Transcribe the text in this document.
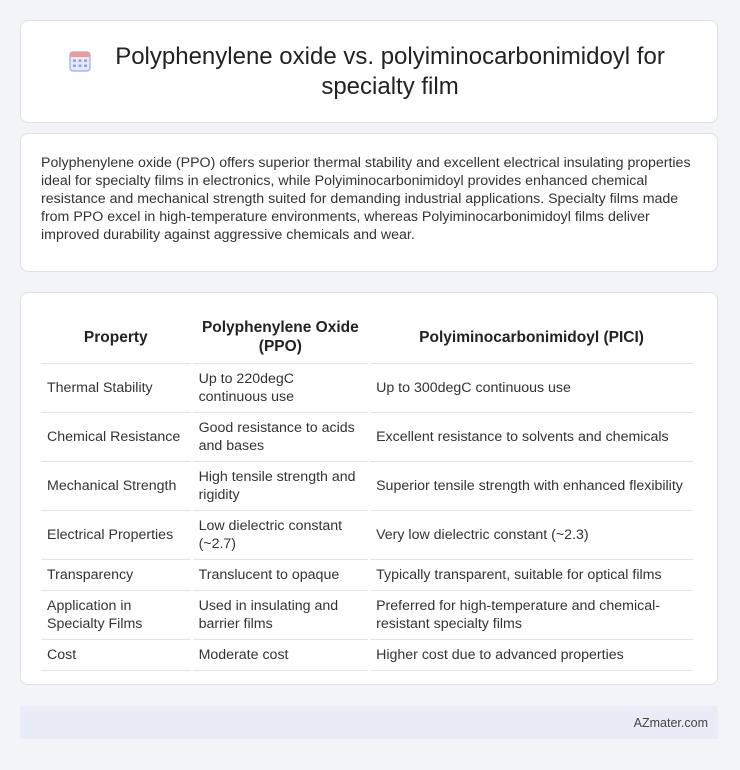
Polyphenylene oxide vs. polyiminocarbonimidoyl for specialty film

Polyphenylene oxide (PPO) offers superior thermal stability and excellent electrical insulating properties ideal for specialty films in electronics, while Polyiminocarbonimidoyl provides enhanced chemical resistance and mechanical strength suited for demanding industrial applications. Specialty films made from PPO excel in high-temperature environments, whereas Polyiminocarbonimidoyl films deliver improved durability against aggressive chemicals and wear.

Property	Polyphenylene Oxide (PPO)	Polyiminocarbonimidoyl (PICI)
Thermal Stability	Up to 220degC continuous use	Up to 300degC continuous use
Chemical Resistance	Good resistance to acids and bases	Excellent resistance to solvents and chemicals
Mechanical Strength	High tensile strength and rigidity	Superior tensile strength with enhanced flexibility
Electrical Properties	Low dielectric constant (~2.7)	Very low dielectric constant (~2.3)
Transparency	Translucent to opaque	Typically transparent, suitable for optical films
Application in Specialty Films	Used in insulating and barrier films	Preferred for high-temperature and chemical-resistant specialty films
Cost	Moderate cost	Higher cost due to advanced properties
AZmater.com
